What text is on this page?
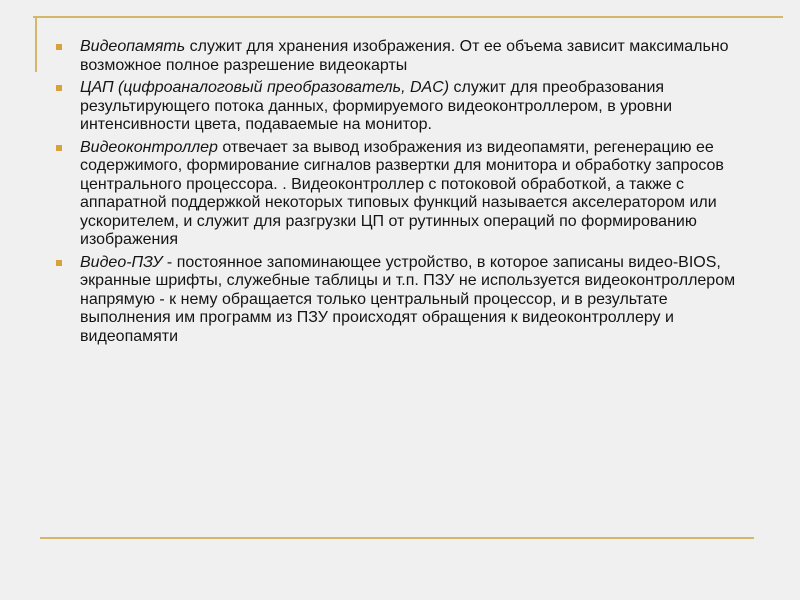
Видеопамять служит для хранения изображения. От ее объема зависит максимально возможное полное разрешение видеокарты
ЦАП (цифроаналоговый преобразователь, DAC) служит для преобразования результирующего потока данных, формируемого видеоконтроллером, в уровни интенсивности цвета, подаваемые на монитор.
Видеоконтроллер отвечает за вывод изображения из видеопамяти, регенерацию ее содержимого, формирование сигналов развертки для монитора и обработку запросов центрального процессора. . Видеоконтроллер с потоковой обработкой, а также с аппаратной поддержкой некоторых типовых функций называется акселератором или ускорителем, и служит для разгрузки ЦП от рутинных операций по формированию изображения
Видео-ПЗУ - постоянное запоминающее устройство, в которое записаны видео-BIOS, экранные шрифты, служебные таблицы и т.п. ПЗУ не используется видеоконтроллером напрямую - к нему обращается только центральный процессор, и в результате выполнения им программ из ПЗУ происходят обращения к видеоконтроллеру и видеопамяти
